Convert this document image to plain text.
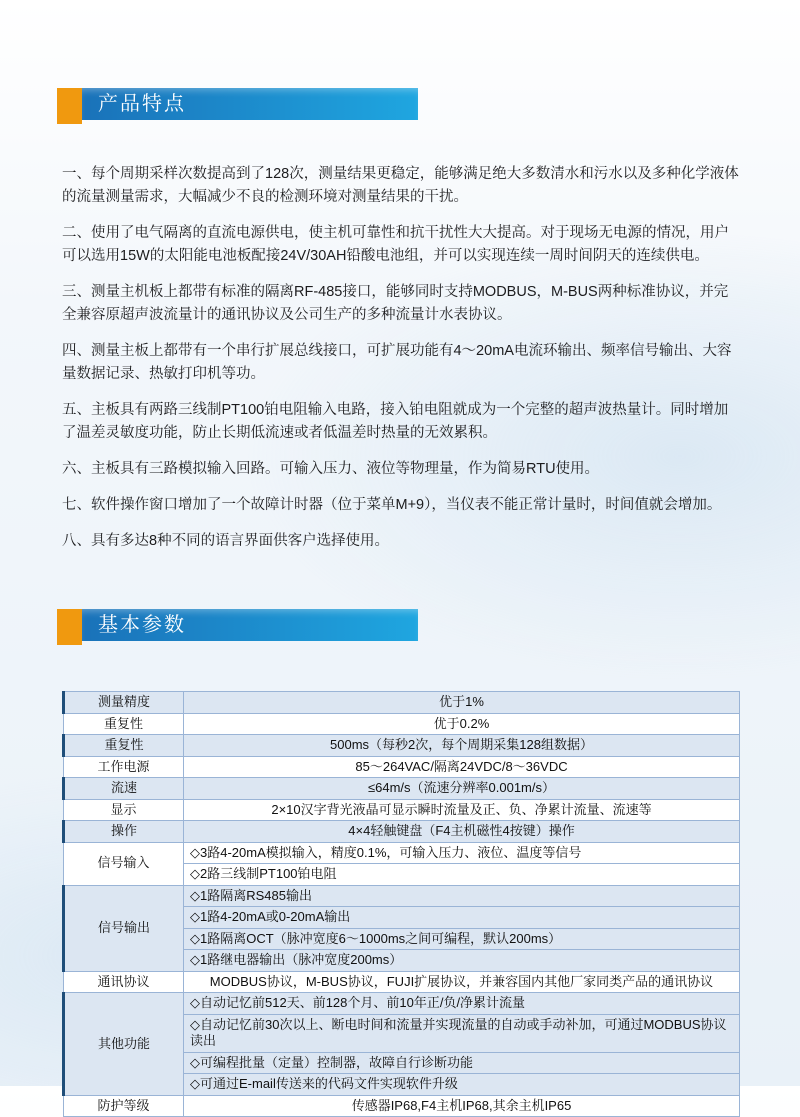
产品特点

一、每个周期采样次数提高到了128次，测量结果更稳定，能够满足绝大多数清水和污水以及多种化学液体的流量测量需求，大幅减少不良的检测环境对测量结果的干扰。

二、使用了电气隔离的直流电源供电，使主机可靠性和抗干扰性大大提高。对于现场无电源的情况，用户可以选用15W的太阳能电池板配接24V/30AH铅酸电池组，并可以实现连续一周时间阴天的连续供电。

三、测量主机板上都带有标准的隔离RF-485接口，能够同时支持MODBUS，M-BUS两种标准协议，并完全兼容原超声波流量计的通讯协议及公司生产的多种流量计水表协议。

四、测量主板上都带有一个串行扩展总线接口，可扩展功能有4～20mA电流环输出、频率信号输出、大容量数据记录、热敏打印机等功。

五、主板具有两路三线制PT100铂电阻输入电路，接入铂电阻就成为一个完整的超声波热量计。同时增加了温差灵敏度功能，防止长期低流速或者低温差时热量的无效累积。

六、主板具有三路模拟输入回路。可输入压力、液位等物理量，作为简易RTU使用。

七、软件操作窗口增加了一个故障计时器（位于菜单M+9），当仪表不能正常计量时，时间值就会增加。

八、具有多达8种不同的语言界面供客户选择使用。

基本参数
测量精度	优于1%
重复性	优于0.2%
重复性	500ms（每秒2次，每个周期采集128组数据）
工作电源	85～264VAC/隔离24VDC/8～36VDC
流速	≤64m/s（流速分辨率0.001m/s）
显示	2×10汉字背光液晶可显示瞬时流量及正、负、净累计流量、流速等
操作	4×4轻触键盘（F4主机磁性4按键）操作
信号输入	◇3路4-20mA模拟输入，精度0.1%，可输入压力、液位、温度等信号
	◇2路三线制PT100铂电阻
信号输出	◇1路隔离RS485输出
	◇1路4-20mA或0-20mA输出
	◇1路隔离OCT（脉冲宽度6～1000ms之间可编程，默认200ms）
	◇1路继电器输出（脉冲宽度200ms）
通讯协议	MODBUS协议，M-BUS协议，FUJI扩展协议，并兼容国内其他厂家同类产品的通讯协议
其他功能	◇自动记忆前512天、前128个月、前10年正/负/净累计流量
	◇自动记忆前30次以上、断电时间和流量并实现流量的自动或手动补加，可通过MODBUS协议读出
	◇可编程批量（定量）控制器，故障自行诊断功能
	◇可通过E-mail传送来的代码文件实现软件升级
防护等级	传感器IP68,F4主机IP68,其余主机IP65
